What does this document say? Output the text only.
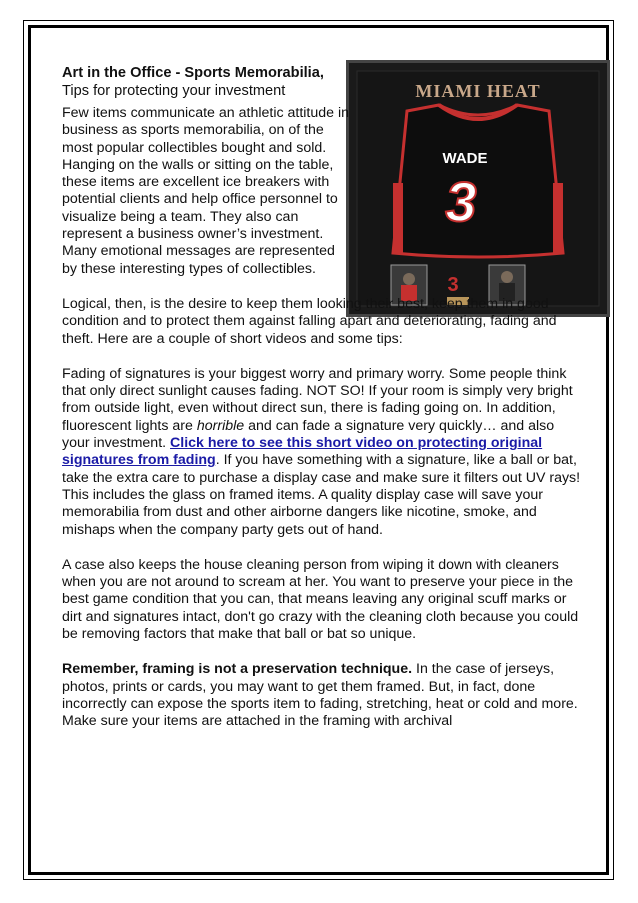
MIAMI HEAT
WADE
3
3
Art in the Office - Sports Memorabilia, Tips for protecting your investment

Few items communicate an athletic attitude in business as sports memorabilia, on of the most popular collectibles bought and sold. Hanging on the walls or sitting on the table, these items are excellent ice breakers with potential clients and help office personnel to visualize being a team. They also can represent a business owner’s investment. Many emotional messages are represented by these interesting types of collectibles.

Logical, then, is the desire to keep them looking their best, keep them in good condition and to protect them against falling apart and deteriorating, fading and theft. Here are a couple of short videos and some tips:

Fading of signatures is your biggest worry and primary worry. Some people think that only direct sunlight causes fading. NOT SO! If your room is simply very bright from outside light, even without direct sun, there is fading going on. In addition, fluorescent lights are horrible and can fade a signature very quickly… and also your investment. Click here to see this short video on protecting original signatures from fading. If you have something with a signature, like a ball or bat, take the extra care to purchase a display case and make sure it filters out UV rays! This includes the glass on framed items. A quality display case will save your memorabilia from dust and other airborne dangers like nicotine, smoke, and mishaps when the company party gets out of hand.

A case also keeps the house cleaning person from wiping it down with cleaners when you are not around to scream at her. You want to preserve your piece in the best game condition that you can, that means leaving any original scuff marks or dirt and signatures intact, don't go crazy with the cleaning cloth because you could be removing factors that make that ball or bat so unique.

Remember, framing is not a preservation technique. In the case of jerseys, photos, prints or cards, you may want to get them framed. But, in fact, done incorrectly can expose the sports item to fading, stretching, heat or cold and more. Make sure your items are attached in the framing with archival
